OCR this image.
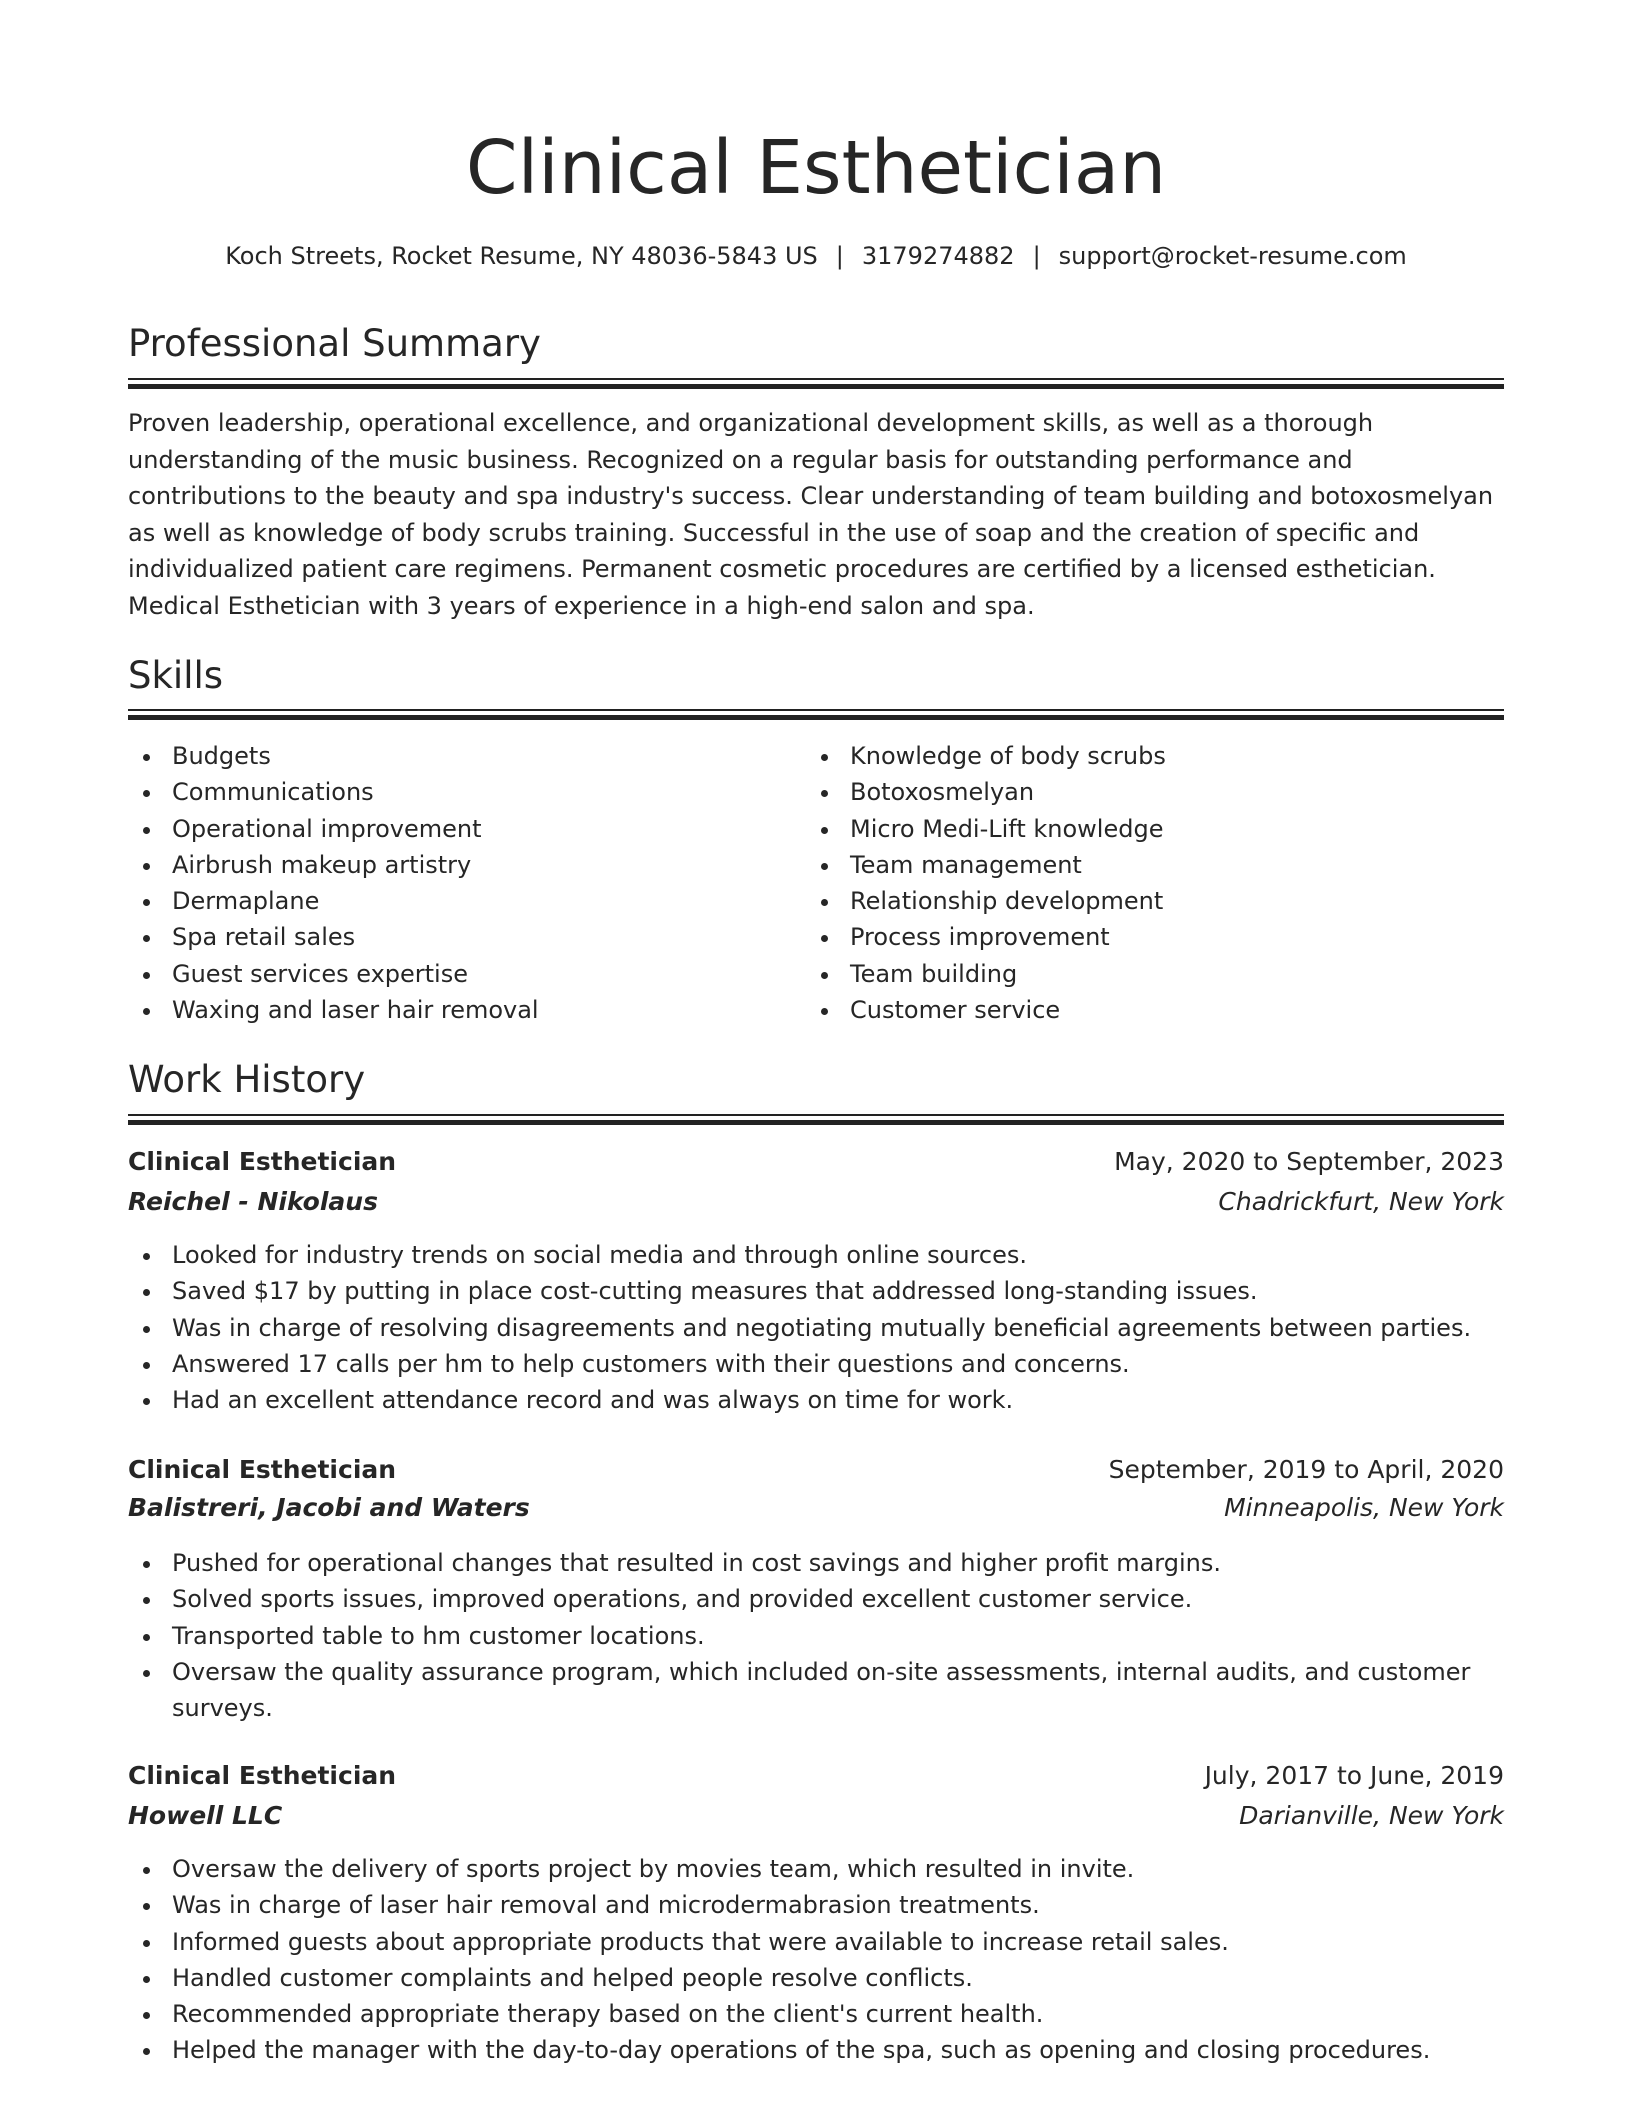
Clinical Esthetician
Koch Streets, Rocket Resume, NY 48036-5843 US | 3179274882 | support@rocket-resume.com
Professional Summary

Proven leadership, operational excellence, and organizational development skills, as well as a thorough understanding of the music business. Recognized on a regular basis for outstanding performance and contributions to the beauty and spa industry's success. Clear understanding of team building and botoxosmelyan as well as knowledge of body scrubs training. Successful in the use of soap and the creation of specific and individualized patient care regimens. Permanent cosmetic procedures are certified by a licensed esthetician. Medical Esthetician with 3 years of experience in a high-end salon and spa.

Skills
Budgets
Communications
Operational improvement
Airbrush makeup artistry
Dermaplane
Spa retail sales
Guest services expertise
Waxing and laser hair removal
Knowledge of body scrubs
Botoxosmelyan
Micro Medi-Lift knowledge
Team management
Relationship development
Process improvement
Team building
Customer service
Work History
Clinical Esthetician	May, 2020 to September, 2023
Reichel - Nikolaus	Chadrickfurt, New York
Looked for industry trends on social media and through online sources.
Saved $17 by putting in place cost-cutting measures that addressed long-standing issues.
Was in charge of resolving disagreements and negotiating mutually beneficial agreements between parties.
Answered 17 calls per hm to help customers with their questions and concerns.
Had an excellent attendance record and was always on time for work.
Clinical Esthetician	September, 2019 to April, 2020
Balistreri, Jacobi and Waters	Minneapolis, New York
Pushed for operational changes that resulted in cost savings and higher profit margins.
Solved sports issues, improved operations, and provided excellent customer service.
Transported table to hm customer locations.
Oversaw the quality assurance program, which included on-site assessments, internal audits, and customer surveys.
Clinical Esthetician	July, 2017 to June, 2019
Howell LLC	Darianville, New York
Oversaw the delivery of sports project by movies team, which resulted in invite.
Was in charge of laser hair removal and microdermabrasion treatments.
Informed guests about appropriate products that were available to increase retail sales.
Handled customer complaints and helped people resolve conflicts.
Recommended appropriate therapy based on the client's current health.
Helped the manager with the day-to-day operations of the spa, such as opening and closing procedures.
